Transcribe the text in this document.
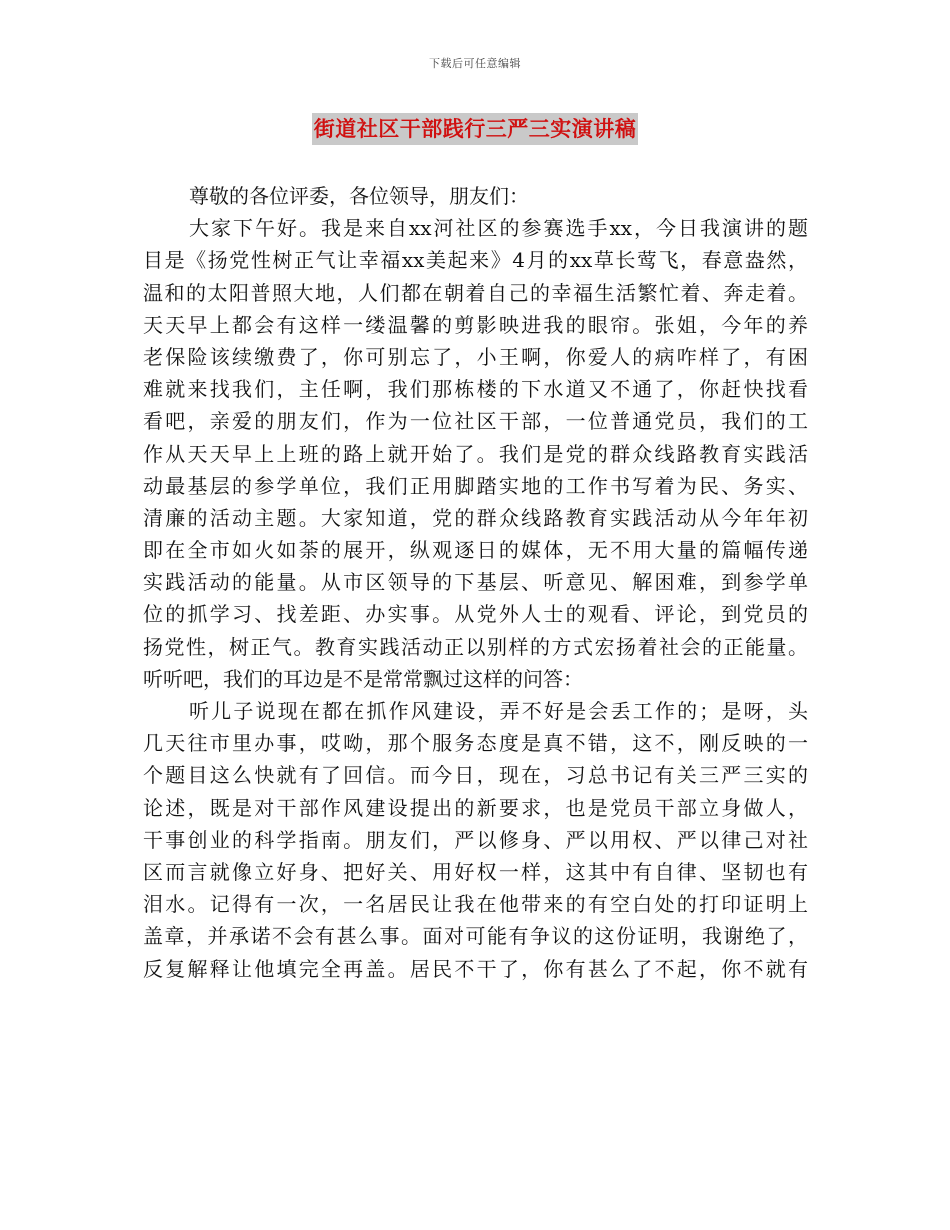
下载后可任意编辑
街道社区干部践行三严三实演讲稿
尊敬的各位评委，各位领导，朋友们：
大家下午好。我是来自xx河社区的参赛选手xx，今日我演讲的题
目是《扬党性树正气让幸福xx美起来》4月的xx草长莺飞，春意盎然，
温和的太阳普照大地，人们都在朝着自己的幸福生活繁忙着、奔走着。
天天早上都会有这样一缕温馨的剪影映进我的眼帘。张姐，今年的养
老保险该续缴费了，你可别忘了，小王啊，你爱人的病咋样了，有困
难就来找我们，主任啊，我们那栋楼的下水道又不通了，你赶快找看
看吧，亲爱的朋友们，作为一位社区干部，一位普通党员，我们的工
作从天天早上上班的路上就开始了。我们是党的群众线路教育实践活
动最基层的参学单位，我们正用脚踏实地的工作书写着为民、务实、
清廉的活动主题。大家知道，党的群众线路教育实践活动从今年年初
即在全市如火如荼的展开，纵观逐日的媒体，无不用大量的篇幅传递
实践活动的能量。从市区领导的下基层、听意见、解困难，到参学单
位的抓学习、找差距、办实事。从党外人士的观看、评论，到党员的
扬党性，树正气。教育实践活动正以别样的方式宏扬着社会的正能量。
听听吧，我们的耳边是不是常常飘过这样的问答：
听儿子说现在都在抓作风建设，弄不好是会丢工作的；是呀，头
几天往市里办事，哎呦，那个服务态度是真不错，这不，刚反映的一
个题目这么快就有了回信。而今日，现在，习总书记有关三严三实的
论述，既是对干部作风建设提出的新要求，也是党员干部立身做人，
干事创业的科学指南。朋友们，严以修身、严以用权、严以律己对社
区而言就像立好身、把好关、用好权一样，这其中有自律、坚韧也有
泪水。记得有一次，一名居民让我在他带来的有空白处的打印证明上
盖章，并承诺不会有甚么事。面对可能有争议的这份证明，我谢绝了，
反复解释让他填完全再盖。居民不干了，你有甚么了不起，你不就有
